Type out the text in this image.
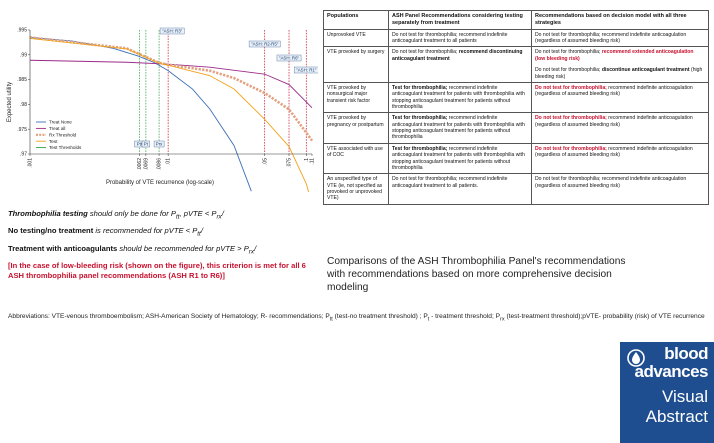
.97
.975
.98
.985
.99
.995
.001	.0062 .0069 .0086 .01	.05	.075 .1 .11
Ptt Pt Prx
"ASH: R3"
"ASH: R2-R5"
"ASH: R6"
"ASH: R1"
Treat None
Treat all
Rx Threshold
Test
Test Thresholds
Probability of VTE recurrence (log-scale)
Expected utility
Thrombophilia testing should only be done for $P_{tt}$, pVTE < $P_{rx}/$
No testing/no treatment is recommended for pVTE < $P_{tt}/$
Treatment with anticoagulants should be recommended for pVTE > $P_{rx}/$
[In the case of low-bleeding risk (shown on the figure), this criterion is met for all 6 ASH thrombophilia panel recommendations (ASH R1 to R6)]
Abbreviations: VTE-venous thromboembolism; ASH-American Society of Hematology; R- recommendations; $P_{tt}$ (test-no treatment threshold) ; $P_t$ - treatment threshold; $P_{rx}$ (test-treatment threshold);pVTE- probability (risk) of VTE recurrence
Populations	ASH Panel Recommendations considering testing separately from treatment	Recommendations based on decision model with all three strategies
Unprovoked VTE	Do not test for thrombophilia; recommend indefinite anticoagulant treatment to all patients	Do not test for thrombophilia; recommend indefinite anticoagulation (regardless of assumed bleeding risk)
VTE provoked by surgery	Do not test for thrombophilia; recommend discontinuing anticoagulant treatment	Do not test for thrombophilia; recommend extended anticoagulation (low bleeding risk)
Do not test for thrombophilia; discontinue anticoagulant treatment (high bleeding risk)
VTE provoked by nonsurgical major transient risk factor	Test for thrombophilia; recommend indefinite anticoagulant treatment for patients with thrombophilia with stopping anticoagulant treatment for patients without thrombophilia	Do not test for thrombophilia; recommend indefinite anticoagulation (regardless of assumed bleeding risk)
VTE provoked by pregnancy or postpartum	Test for thrombophilia; recommend indefinite anticoagulant treatment for patients with thrombophilia with stopping anticoagulant treatment for patients without thrombophilia	Do not test for thrombophilia; recommend indefinite anticoagulation (regardless of assumed bleeding risk)
VTE associated with use of COC	Test for thrombophilia; recommend indefinite anticoagulant treatment for patients with thrombophilia with stopping anticoagulant treatment for patients without thrombophilia	Do not test for thrombophilia; recommend indefinite anticoagulation (regardless of assumed bleeding risk)
An unspecified type of VTE (ie, not specified as provoked or unprovoked VTE)	Do not test for thrombophilia; recommend indefinite anticoagulant treatment to all patients.	Do not test for thrombophilia; recommend indefinite anticoagulation (regardless of assumed bleeding risk)
Comparisons of the ASH Thrombophilia Panel's recommendations with recommendations based on more comprehensive decision modeling
blood
advances
Visual
Abstract
